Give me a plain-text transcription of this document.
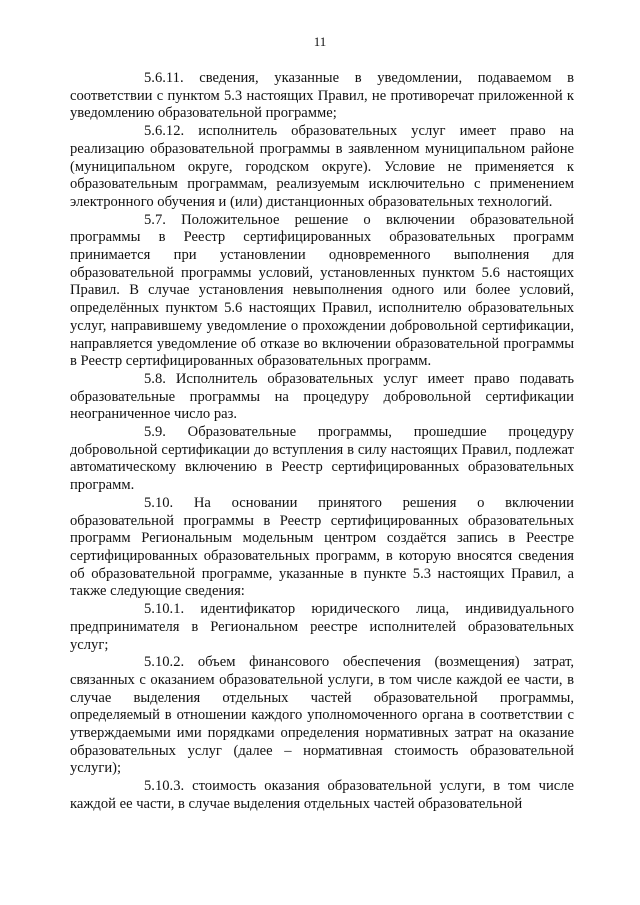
11

5.6.11. сведения, указанные в уведомлении, подаваемом в соответствии с пунктом 5.3 настоящих Правил, не противоречат приложенной к уведомлению образовательной программе;

5.6.12. исполнитель образовательных услуг имеет право на реализацию образовательной программы в заявленном муниципальном районе (муниципальном округе, городском округе). Условие не применяется к образовательным программам, реализуемым исключительно с применением электронного обучения и (или) дистанционных образовательных технологий.

5.7. Положительное решение о включении образовательной программы в Реестр сертифицированных образовательных программ принимается при установлении одновременного выполнения для образовательной программы условий, установленных пунктом 5.6 настоящих Правил. В случае установления невыполнения одного или более условий, определённых пунктом 5.6 настоящих Правил, исполнителю образовательных услуг, направившему уведомление о прохождении добровольной сертификации, направляется уведомление об отказе во включении образовательной программы в Реестр сертифицированных образовательных программ.

5.8. Исполнитель образовательных услуг имеет право подавать образовательные программы на процедуру добровольной сертификации неограниченное число раз.

5.9. Образовательные программы, прошедшие процедуру добровольной сертификации до вступления в силу настоящих Правил, подлежат автоматическому включению в Реестр сертифицированных образовательных программ.

5.10. На основании принятого решения о включении образовательной программы в Реестр сертифицированных образовательных программ Региональным модельным центром создаётся запись в Реестре сертифицированных образовательных программ, в которую вносятся сведения об образовательной программе, указанные в пункте 5.3 настоящих Правил, а также следующие сведения:

5.10.1. идентификатор юридического лица, индивидуального предпринимателя в Региональном реестре исполнителей образовательных услуг;

5.10.2. объем финансового обеспечения (возмещения) затрат, связанных с оказанием образовательной услуги, в том числе каждой ее части, в случае выделения отдельных частей образовательной программы, определяемый в отношении каждого уполномоченного органа в соответствии с утверждаемыми ими порядками определения нормативных затрат на оказание образовательных услуг (далее – нормативная стоимость образовательной услуги);

5.10.3. стоимость оказания образовательной услуги, в том числе каждой ее части, в случае выделения отдельных частей образовательной
